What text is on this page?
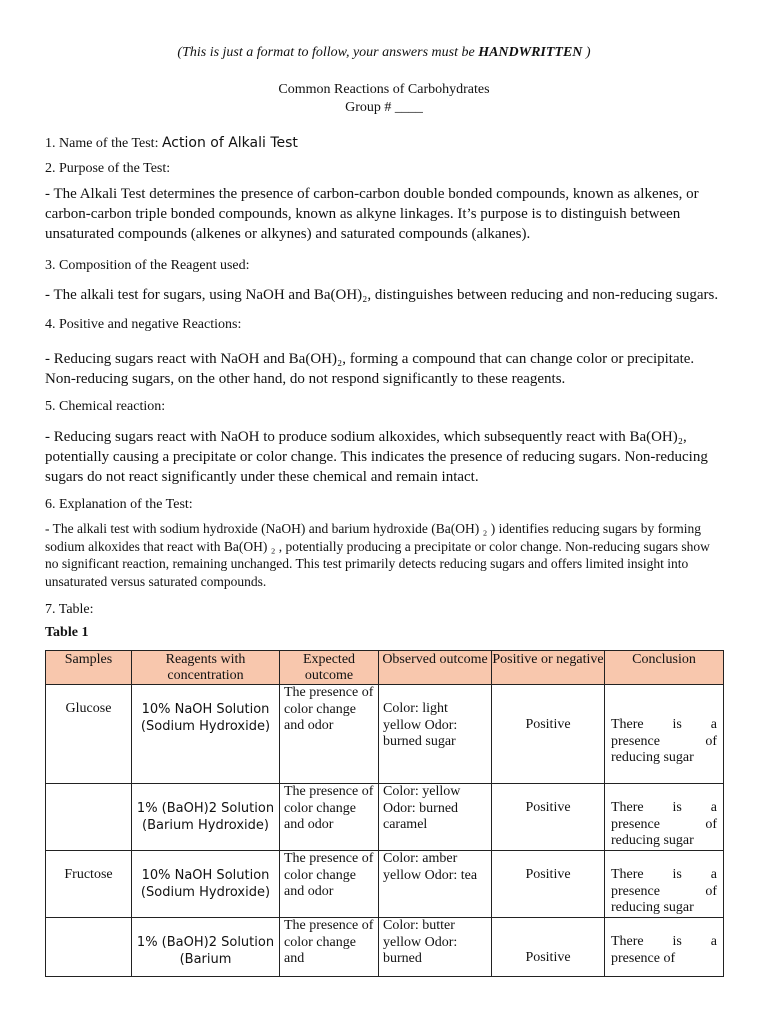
(This is just a format to follow, your answers must be HANDWRITTEN )
Common Reactions of Carbohydrates
Group # ____
1. Name of the Test: Action of Alkali Test
2. Purpose of the Test:
- The Alkali Test determines the presence of carbon-carbon double bonded compounds, known as alkenes, or carbon-carbon triple bonded compounds, known as alkyne linkages. It’s purpose is to distinguish between unsaturated compounds (alkenes or alkynes) and saturated compounds (alkanes).
3. Composition of the Reagent used:
- The alkali test for sugars, using NaOH and Ba(OH)₂, distinguishes between reducing and non-reducing sugars.
4. Positive and negative Reactions:
- Reducing sugars react with NaOH and Ba(OH)₂, forming a compound that can change color or precipitate. Non-reducing sugars, on the other hand, do not respond significantly to these reagents.
5. Chemical reaction:
- Reducing sugars react with NaOH to produce sodium alkoxides, which subsequently react with Ba(OH)₂, potentially causing a precipitate or color change. This indicates the presence of reducing sugars. Non-reducing sugars do not react significantly under these chemical and remain intact.
6. Explanation of the Test:
- The alkali test with sodium hydroxide (NaOH) and barium hydroxide (Ba(OH) ₂ ) identifies reducing sugars by forming sodium alkoxides that react with Ba(OH) ₂ , potentially producing a precipitate or color change. Non-reducing sugars show no significant reaction, remaining unchanged. This test primarily detects reducing sugars and offers limited insight into unsaturated versus saturated compounds.
7. Table:
Table 1
Samples	Reagents with concentration	Expected outcome	Observed outcome	Positive or negative	Conclusion
Glucose	10% NaOH Solution (Sodium Hydroxide)	The presence of color change and odor	Color: light yellow Odor: burned sugar	Positive	There is a presence of reducing sugar
	1% (BaOH)2 Solution (Barium Hydroxide)	The presence of color change and odor	Color: yellow Odor: burned caramel	Positive	There is a presence of reducing sugar
Fructose	10% NaOH Solution (Sodium Hydroxide)	The presence of color change and odor	Color: amber yellow Odor: tea	Positive	There is a presence of reducing sugar
	1% (BaOH)2 Solution (Barium	The presence of color change and	Color: butter yellow Odor: burned	Positive	There is a presence of
